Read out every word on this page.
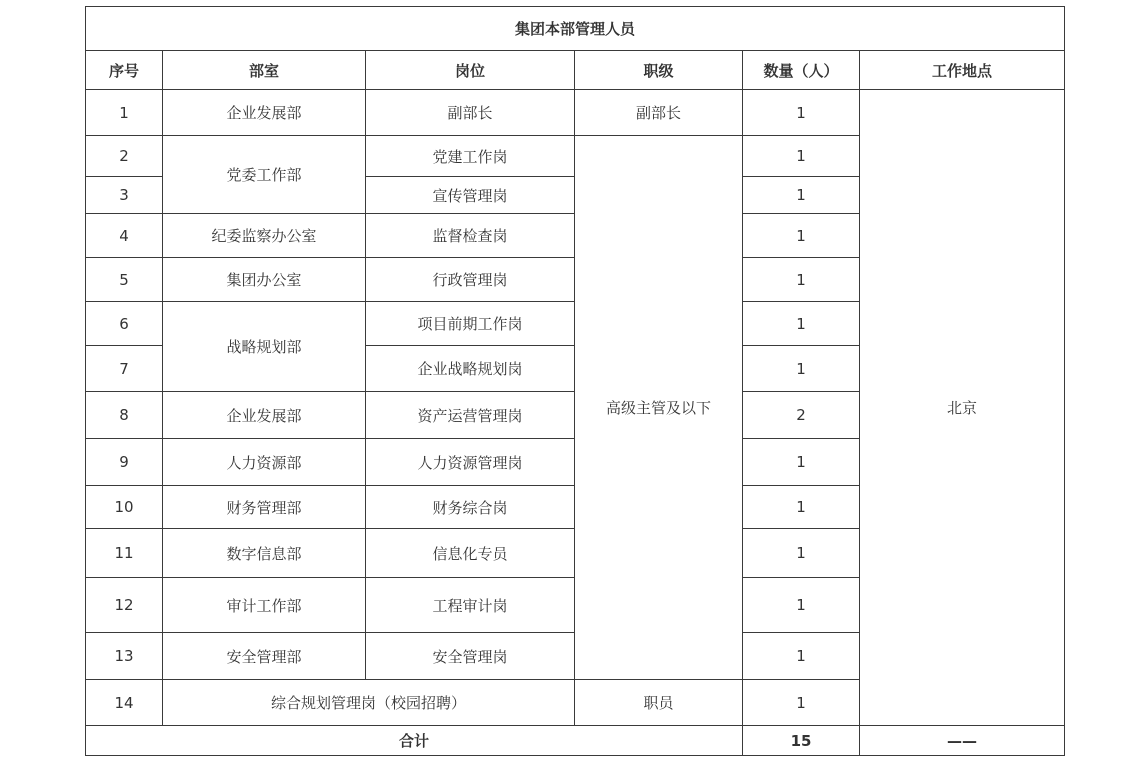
集团本部管理人员					
序号	部室	岗位	职级	数量（人）	工作地点
1	企业发展部	副部长	副部长	1	北京
2	党委工作部	党建工作岗	高级主管及以下	1	
3		宣传管理岗		1	
4	纪委监察办公室	监督检查岗		1	
5	集团办公室	行政管理岗		1	
6	战略规划部	项目前期工作岗		1	
7		企业战略规划岗		1	
8	企业发展部	资产运营管理岗		2	
9	人力资源部	人力资源管理岗		1	
10	财务管理部	财务综合岗		1	
11	数字信息部	信息化专员		1	
12	审计工作部	工程审计岗		1	
13	安全管理部	安全管理岗		1	
14	综合规划管理岗（校园招聘）		职员	1	
合计				15	——
